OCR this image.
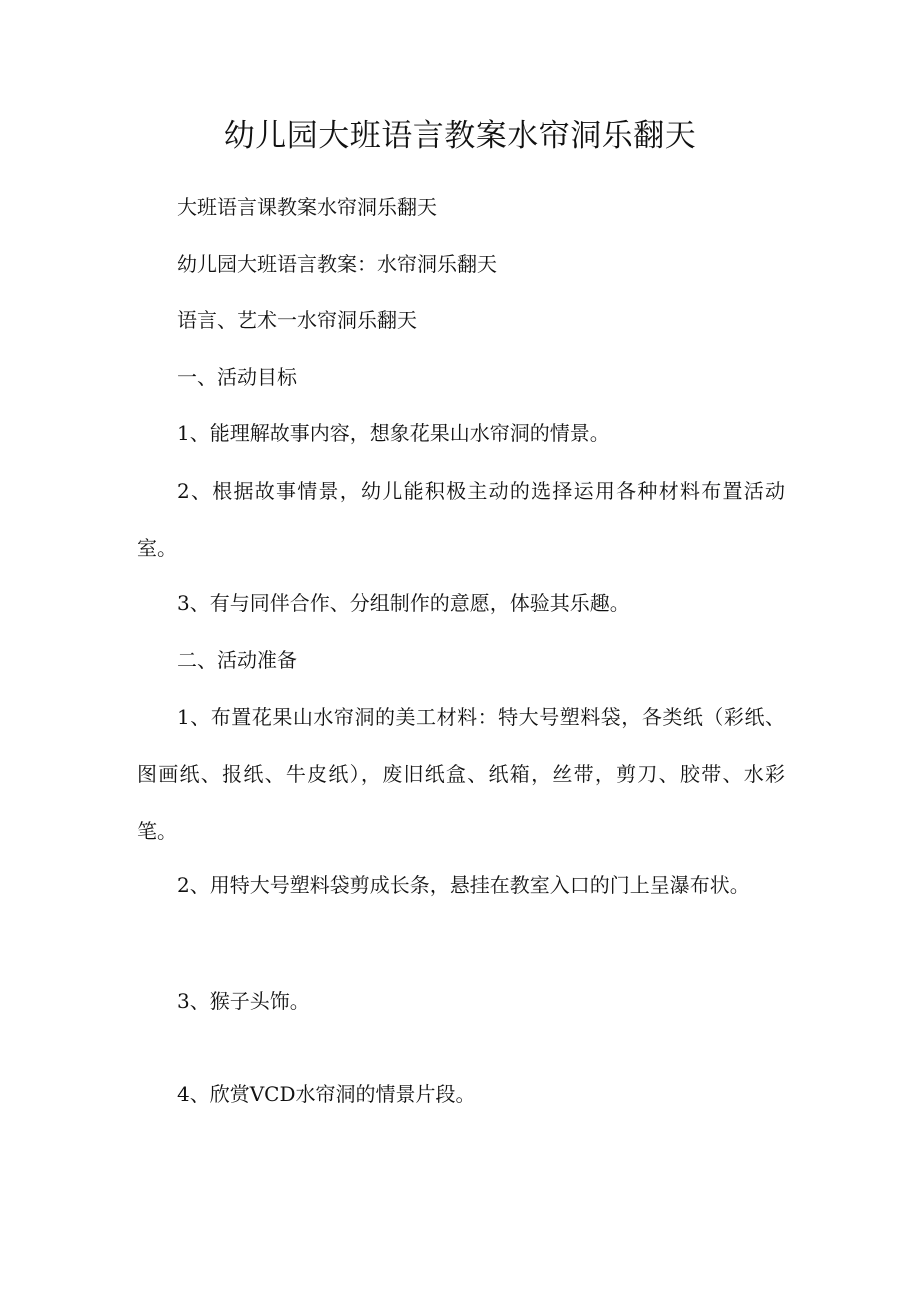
幼儿园大班语言教案水帘洞乐翻天
大班语言课教案水帘洞乐翻天
幼儿园大班语言教案：水帘洞乐翻天
语言、艺术一水帘洞乐翻天
一、活动目标
1、能理解故事内容，想象花果山水帘洞的情景。
2、根据故事情景，幼儿能积极主动的选择运用各种材料布置活动室。
3、有与同伴合作、分组制作的意愿，体验其乐趣。
二、活动准备
1、布置花果山水帘洞的美工材料：特大号塑料袋，各类纸（彩纸、图画纸、报纸、牛皮纸），废旧纸盒、纸箱，丝带，剪刀、胶带、水彩笔。
2、用特大号塑料袋剪成长条，悬挂在教室入口的门上呈瀑布状。
3、猴子头饰。
4、欣赏VCD水帘洞的情景片段。
